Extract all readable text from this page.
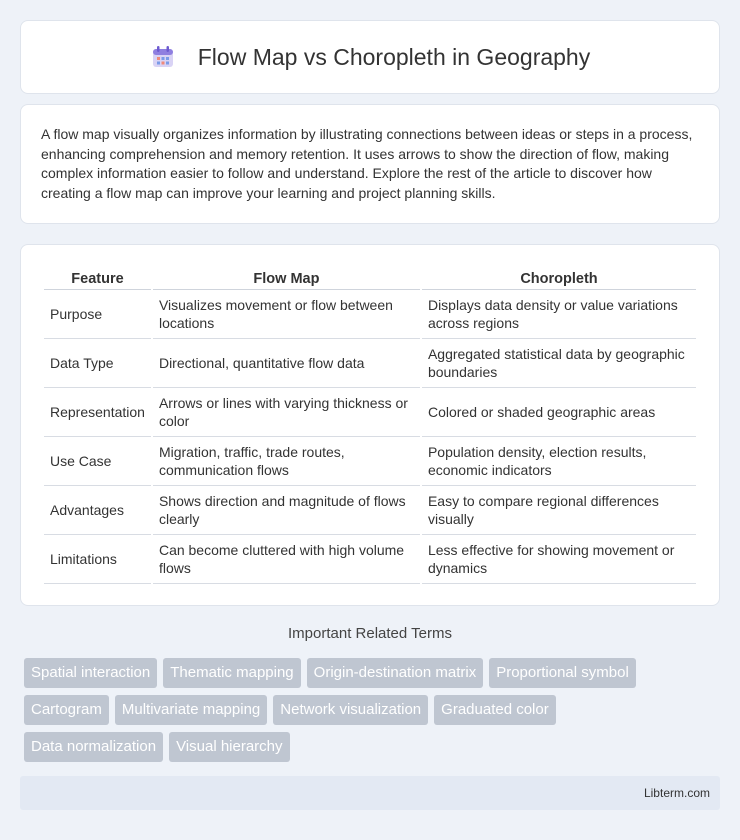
Flow Map vs Choropleth in Geography

A flow map visually organizes information by illustrating connections between ideas or steps in a process, enhancing comprehension and memory retention. It uses arrows to show the direction of flow, making complex information easier to follow and understand. Explore the rest of the article to discover how creating a flow map can improve your learning and project planning skills.

Feature	Flow Map	Choropleth
Purpose	Visualizes movement or flow between locations	Displays data density or value variations across regions
Data Type	Directional, quantitative flow data	Aggregated statistical data by geographic boundaries
Representation	Arrows or lines with varying thickness or color	Colored or shaded geographic areas
Use Case	Migration, traffic, trade routes, communication flows	Population density, election results, economic indicators
Advantages	Shows direction and magnitude of flows clearly	Easy to compare regional differences visually
Limitations	Can become cluttered with high volume flows	Less effective for showing movement or dynamics
Important Related Terms
Spatial interaction	Thematic mapping	Origin-destination matrix	Proportional symbol
Cartogram	Multivariate mapping	Network visualization	Graduated color
Data normalization	Visual hierarchy
Libterm.com
